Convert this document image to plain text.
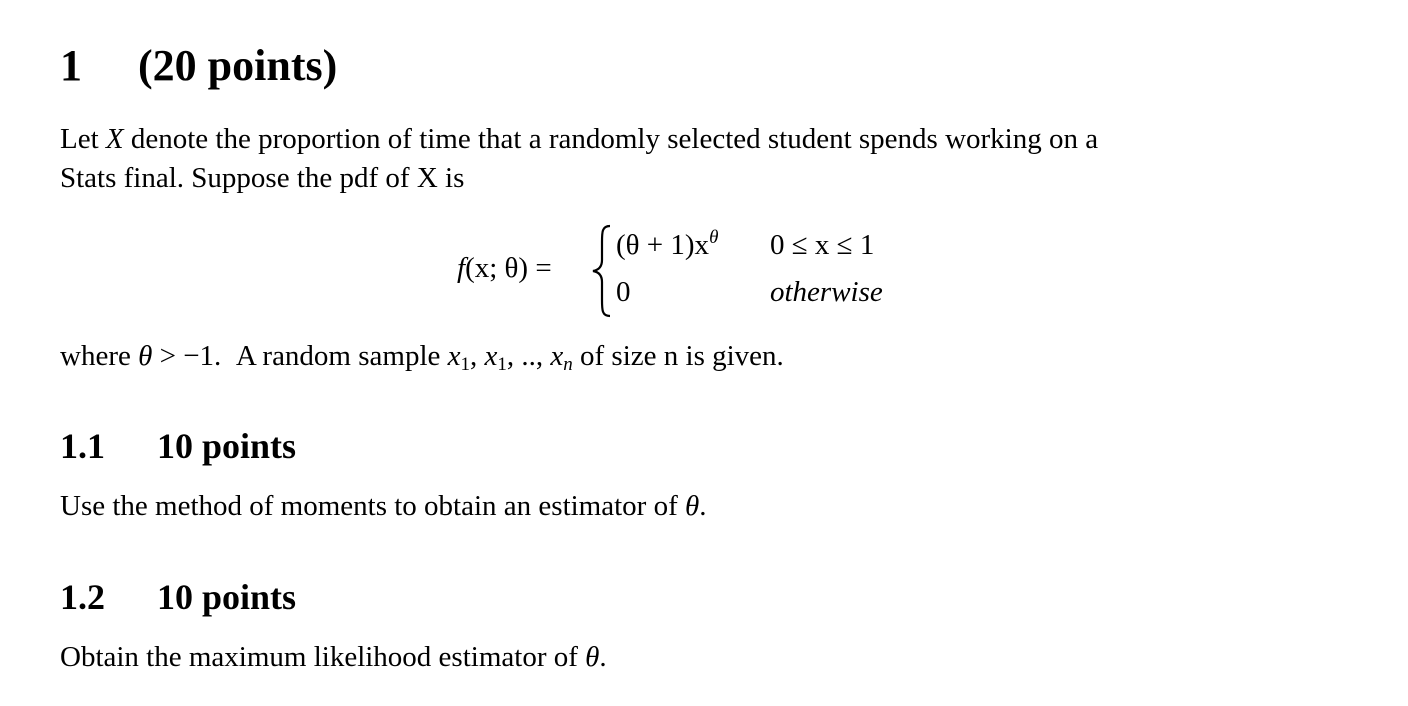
1 (20 points)
Let X denote the proportion of time that a randomly selected student spends working on a
Stats final. Suppose the pdf of X is
f(x; θ) =
$(\theta + 1)x^\theta$ 0 ≤ x ≤ 1
0	otherwise
where θ > −1.  A random sample $x_1$, $x_1$, .., $x_n$ of size n is given.
1.1 10 points
Use the method of moments to obtain an estimator of θ.
1.2 10 points
Obtain the maximum likelihood estimator of θ.
